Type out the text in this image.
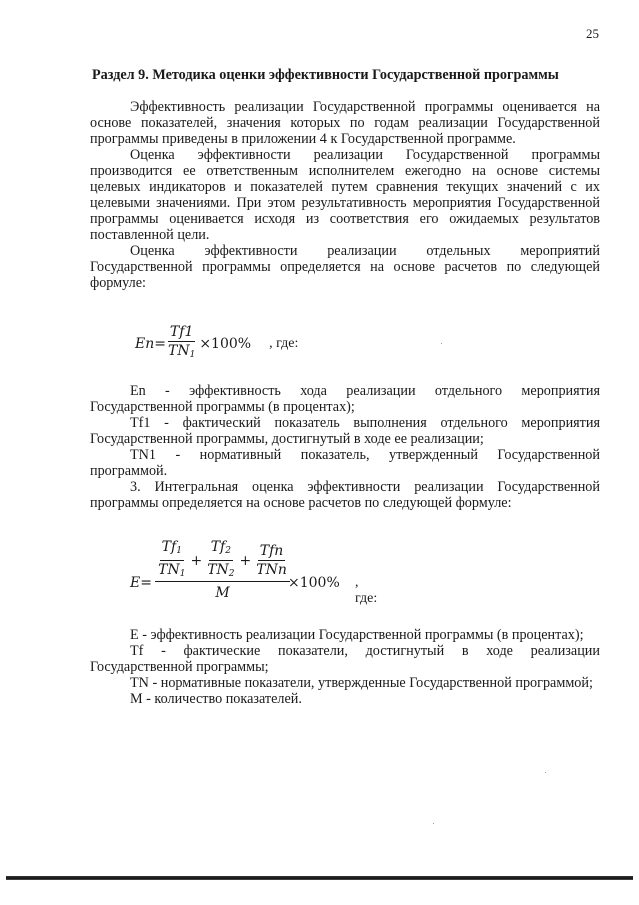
25
Раздел 9. Методика оценки эффективности Государственной программы

Эффективность реализации Государственной программы оценивается на основе показателей, значения которых по годам реализации Государственной программы приведены в приложении 4 к Государственной программе.

Оценка эффективности реализации Государственной программы производится ее ответственным исполнителем ежегодно на основе системы целевых индикаторов и показателей путем сравнения текущих значений с их целевыми значениями. При этом результативность мероприятия Государственной программы оценивается исходя из соответствия его ожидаемых результатов поставленной цели.

Оценка эффективности реализации отдельных мероприятий Государственной программы определяется на основе расчетов по следующей формуле:

$En = \frac{Tf1}{TN_1} \times 100\%$ , где:

En - эффективность хода реализации отдельного мероприятия Государственной программы (в процентах);

Tf1 - фактический показатель выполнения отдельного мероприятия Государственной программы, достигнутый в ходе ее реализации;

TN1 - нормативный показатель, утвержденный Государственной программой.

3. Интегральная оценка эффективности реализации Государственной программы определяется на основе расчетов по следующей формуле:

$E= \frac{Tf_1}{TN_1} + \frac{Tf_2}{TN_2} + \frac{\text{Tfn}}{\text{TNn}}$
M
×100% , где:

E - эффективность реализации Государственной программы (в процентах);

Tf - фактические показатели, достигнутый в ходе реализации Государственной программы;

TN - нормативные показатели, утвержденные Государственной программой;

M - количество показателей.
